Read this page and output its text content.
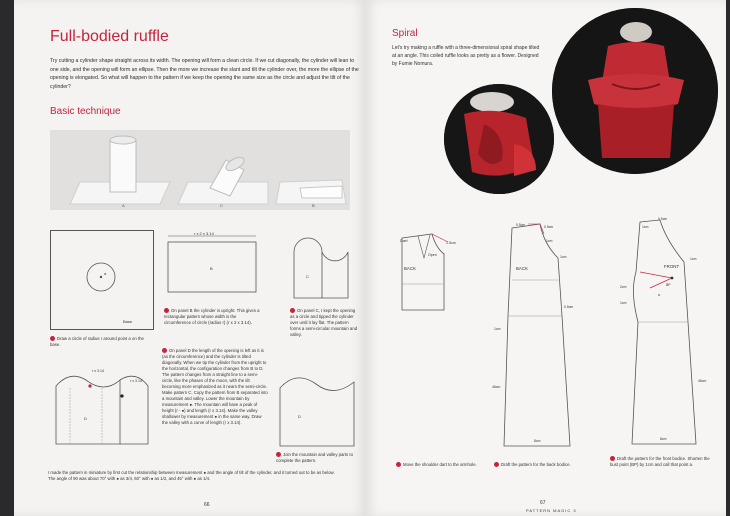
Full-bodied ruffle
Try cutting a cylinder shape straight across its width. The opening will form a clean circle. If we cut diagonally, the cylinder will lean to one side, and the opening will form an ellipse. Then the more we increase the slant and tilt the cylinder over, the more the ellipse of the opening is elongated. So what will happen to the pattern if we keep the opening the same size as the circle and adjust the tilt of the cylinder?
Basic technique
A	C	B
a
Base
Draw a circle of radius r around point a on the base.
r x 2 x 3.14
B
On panel B the cylinder is upright. This gives a rectangular pattern whose width is the circumference of circle (radius r) (r x 2 x 3.14).
C
On panel C, I kept the opening as a circle and tipped the cylinder over until it lay flat. The pattern forms a semi-circular mountain and valley.
r x 3.14
r x 3.14
D
On panel D the length of the opening is left as it is (as the circumference) and the cylinder is tilted diagonally. When we tip the cylinder from the upright to the horizontal, the configuration changes from B to D. The pattern changes from a straight line to a semi-circle, like the phases of the moon, with the tilt becoming more emphasized as it nears the semi-circle. Make pattern C. Copy the pattern from B separated into a mountain and valley. Lower the mountain by measurement ●. The mountain will have a peak of height (r - ●) and length (r x 3.14). Make the valley shallower by measurement ● in the same way. Draw the valley with a curve of length (r x 3.14).
D
Join the mountain and valley parts to complete the pattern.
I made the pattern in miniature by first cut the relationship between measurement ● and the angle of tilt of the cylinder, and it turned out to be as below.
The angle of 90 was about 70° with ● as 3/4, 60° with ● as 1/2, and 45° with ● as 1/4.
66
Spiral
Let's try making a ruffle with a three-dimensional spiral shape tilted at an angle. This coiled ruffle looks as pretty as a flower. Designed by Fumie Nomura.
Dart
Open
BACK
1.5cm
BACK
0.5cm	0.5cm
1cm
1cm
0.5cm
1cm
46cm
8cm
FRONT
BP
a
0.5cm
1cm
1cm
2cm
1cm
46cm
8cm
Move the shoulder dart to the armhole.	Draft the pattern for the back bodice.
Draft the pattern for the front bodice. Shorten the bust point (BP) by 1cm and call that point a.
67
PATTERN MAGIC 3
